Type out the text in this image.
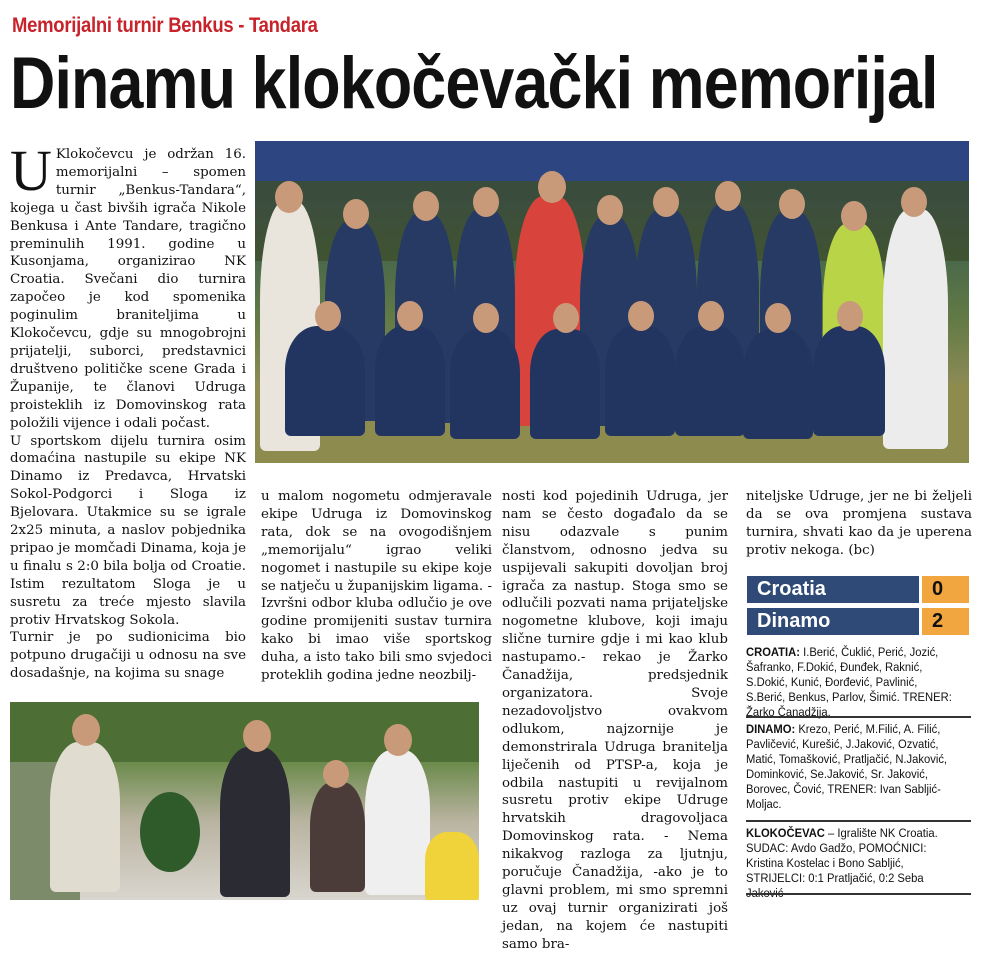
Memorijalni turnir Benkus - Tandara
Dinamu klokočevački memorijal
U Klokočevcu je održan 16. memorijalni – spomen turnir „Benkus-Tandara“, kojega u čast bivših igrača Nikole Benkusa i Ante Tandare, tragično preminulih 1991. godine u Kusonjama, organizirao NK Croatia. Svečani dio turnira započeo je kod spomenika poginulim braniteljima u Klokočevcu, gdje su mnogobrojni prijatelji, suborci, predstavnici društveno političke scene Grada i Županije, te članovi Udruga proisteklih iz Domovinskog rata položili vijence i odali počast.

U sportskom dijelu turnira osim domaćina nastupile su ekipe NK Dinamo iz Predavca, Hrvatski Sokol-Podgorci i Sloga iz Bjelovara. Utakmice su se igrale 2x25 minuta, a naslov pobjednika pripao je momčadi Dinama, koja je u finalu s 2:0 bila bolja od Croatie. Istim rezultatom Sloga je u susretu za treće mjesto slavila protiv Hrvatskog Sokola.

Turnir je po sudionicima bio potpuno drugačiji u odnosu na sve dosadašnje, na kojima su snage

u malom nogometu odmjeravale ekipe Udruga iz Domovinskog rata, dok se na ovogodišnjem „memorijalu“ igrao veliki nogomet i nastupile su ekipe koje se natječu u županijskim ligama. -Izvršni odbor kluba odlučio je ove godine promijeniti sustav turnira kako bi imao više sportskog duha, a isto tako bili smo svjedoci proteklih godina jedne neozbilj-

nosti kod pojedinih Udruga, jer nam se često događalo da se nisu odazvale s punim članstvom, odnosno jedva su uspijevali sakupiti dovoljan broj igrača za nastup. Stoga smo se odlučili pozvati nama prijateljske nogometne klubove, koji imaju slične turnire gdje i mi kao klub nastupamo.- rekao je Žarko Čanadžija, predsjednik organizatora. Svoje nezadovoljstvo ovakvom odlukom, najzornije je demonstrirala Udruga branitelja liječenih od PTSP-a, koja je odbila nastupiti u revijalnom susretu protiv ekipe Udruge hrvatskih dragovoljaca Domovinskog rata. - Nema nikakvog razloga za ljutnju, poručuje Čanadžija, -ako je to glavni problem, mi smo spremni uz ovaj turnir organizirati još jedan, na kojem će nastupiti samo bra-

niteljske Udruge, jer ne bi željeli da se ova promjena sustava turnira, shvati kao da je uperena protiv nekoga. (bc)

Croatia	0
Dinamo	2
CROATIA: I.Berić, Čuklić, Perić, Jozić, Šafranko, F.Dokić, Đunđek, Raknić, S.Dokić, Kunić, Đorđević, Pavlinić, S.Berić, Benkus, Parlov, Šimić. TRENER: Žarko Čanadžija.
DINAMO: Krezo, Perić, M.Filić, A. Filić, Pavličević, Kurešić, J.Jaković, Ozvatić, Matić, Tomašković, Pratljačić, N.Jaković, Dominković, Se.Jaković, Sr. Jaković, Borovec, Čović, TRENER: Ivan Sablјić-Moljac.
KLOKOČEVAC – Igralište NK Croatia. SUDAC: Avdo Gadžo, POMOĆNICI: Kristina Kostelac i Bono Sabljić, STRIJELCI: 0:1 Pratljačić, 0:2 Seba Jaković
